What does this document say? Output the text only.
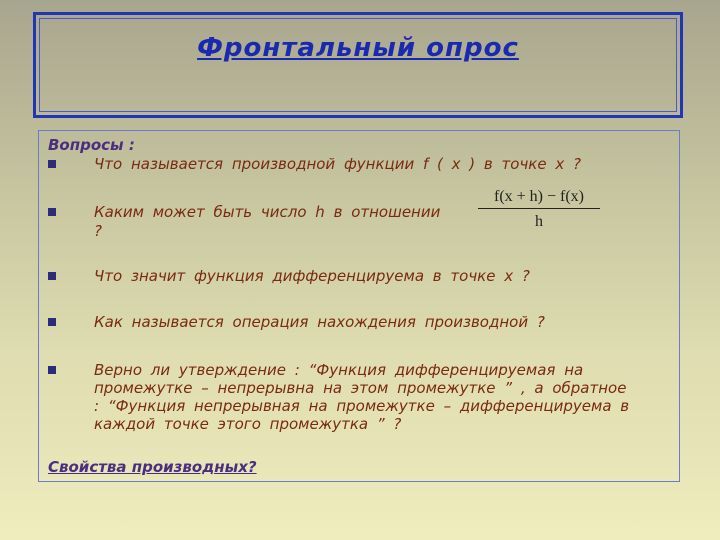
Фронтальный опрос
Вопросы :
Что называется производной функции f ( x ) в точке x ?
Каким может быть число h в отношении
?
f(x + h) − f(x)
h
Что значит функция дифференцируема в точке x ?
Как называется операция нахождения производной ?
Верно ли утверждение : “Функция дифференцируемая на промежутке – непрерывна на этом промежутке ” , а обратное : “Функция непрерывная на промежутке – дифференцируема в каждой точке этого промежутка ” ?
Свойства производных?
